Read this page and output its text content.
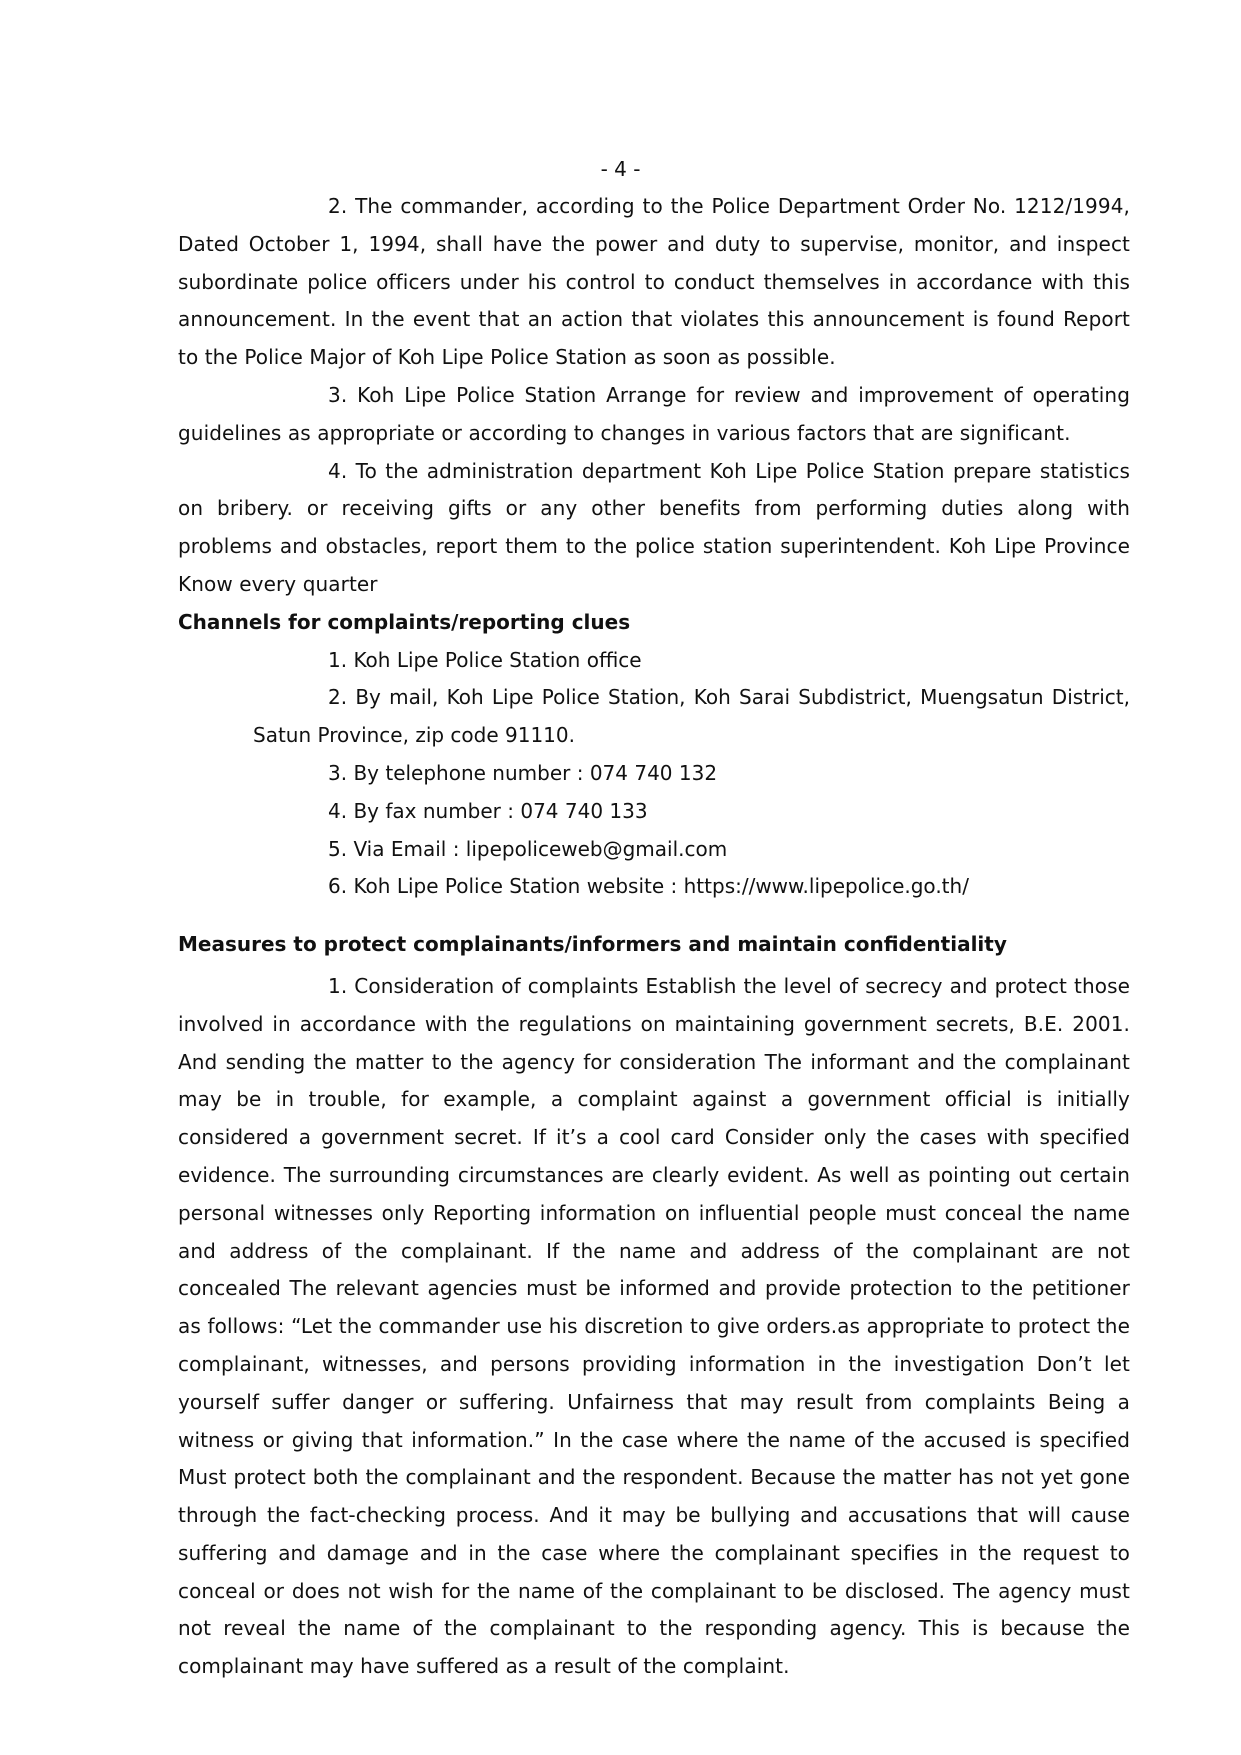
- 4 -

2. The commander, according to the Police Department Order No. 1212/1994, Dated October 1, 1994, shall have the power and duty to supervise, monitor, and inspect subordinate police officers under his control to conduct themselves in accordance with this announcement. In the event that an action that violates this announcement is found Report to the Police Major of Koh Lipe Police Station as soon as possible.

3. Koh Lipe Police Station Arrange for review and improvement of operating guidelines as appropriate or according to changes in various factors that are significant.

4. To the administration department Koh Lipe Police Station prepare statistics on bribery. or receiving gifts or any other benefits from performing duties along with problems and obstacles, report them to the police station superintendent. Koh Lipe Province Know every quarter

Channels for complaints/reporting clues

1. Koh Lipe Police Station office

2. By mail, Koh Lipe Police Station, Koh Sarai Subdistrict, Muengsatun District, Satun Province, zip code 91110.

3. By telephone number : 074 740 132

4. By fax number : 074 740 133

5. Via Email : lipepoliceweb@gmail.com

6. Koh Lipe Police Station website : https://www.lipepolice.go.th/

Measures to protect complainants/informers and maintain confidentiality

1. Consideration of complaints Establish the level of secrecy and protect those involved in accordance with the regulations on maintaining government secrets, B.E. 2001. And sending the matter to the agency for consideration The informant and the complainant may be in trouble, for example, a complaint against a government official is initially considered a government secret. If it’s a cool card Consider only the cases with specified evidence. The surrounding circumstances are clearly evident. As well as pointing out certain personal witnesses only Reporting information on influential people must conceal the name and address of the complainant. If the name and address of the complainant are not concealed The relevant agencies must be informed and provide protection to the petitioner as follows: “Let the commander use his discretion to give orders.as appropriate to protect the complainant, witnesses, and persons providing information in the investigation Don’t let yourself suffer danger or suffering. Unfairness that may result from complaints Being a witness or giving that information.” In the case where the name of the accused is specified Must protect both the complainant and the respondent. Because the matter has not yet gone through the fact-checking process. And it may be bullying and accusations that will cause suffering and damage and in the case where the complainant specifies in the request to conceal or does not wish for the name of the complainant to be disclosed. The agency must not reveal the name of the complainant to the responding agency. This is because the complainant may have suffered as a result of the complaint.
